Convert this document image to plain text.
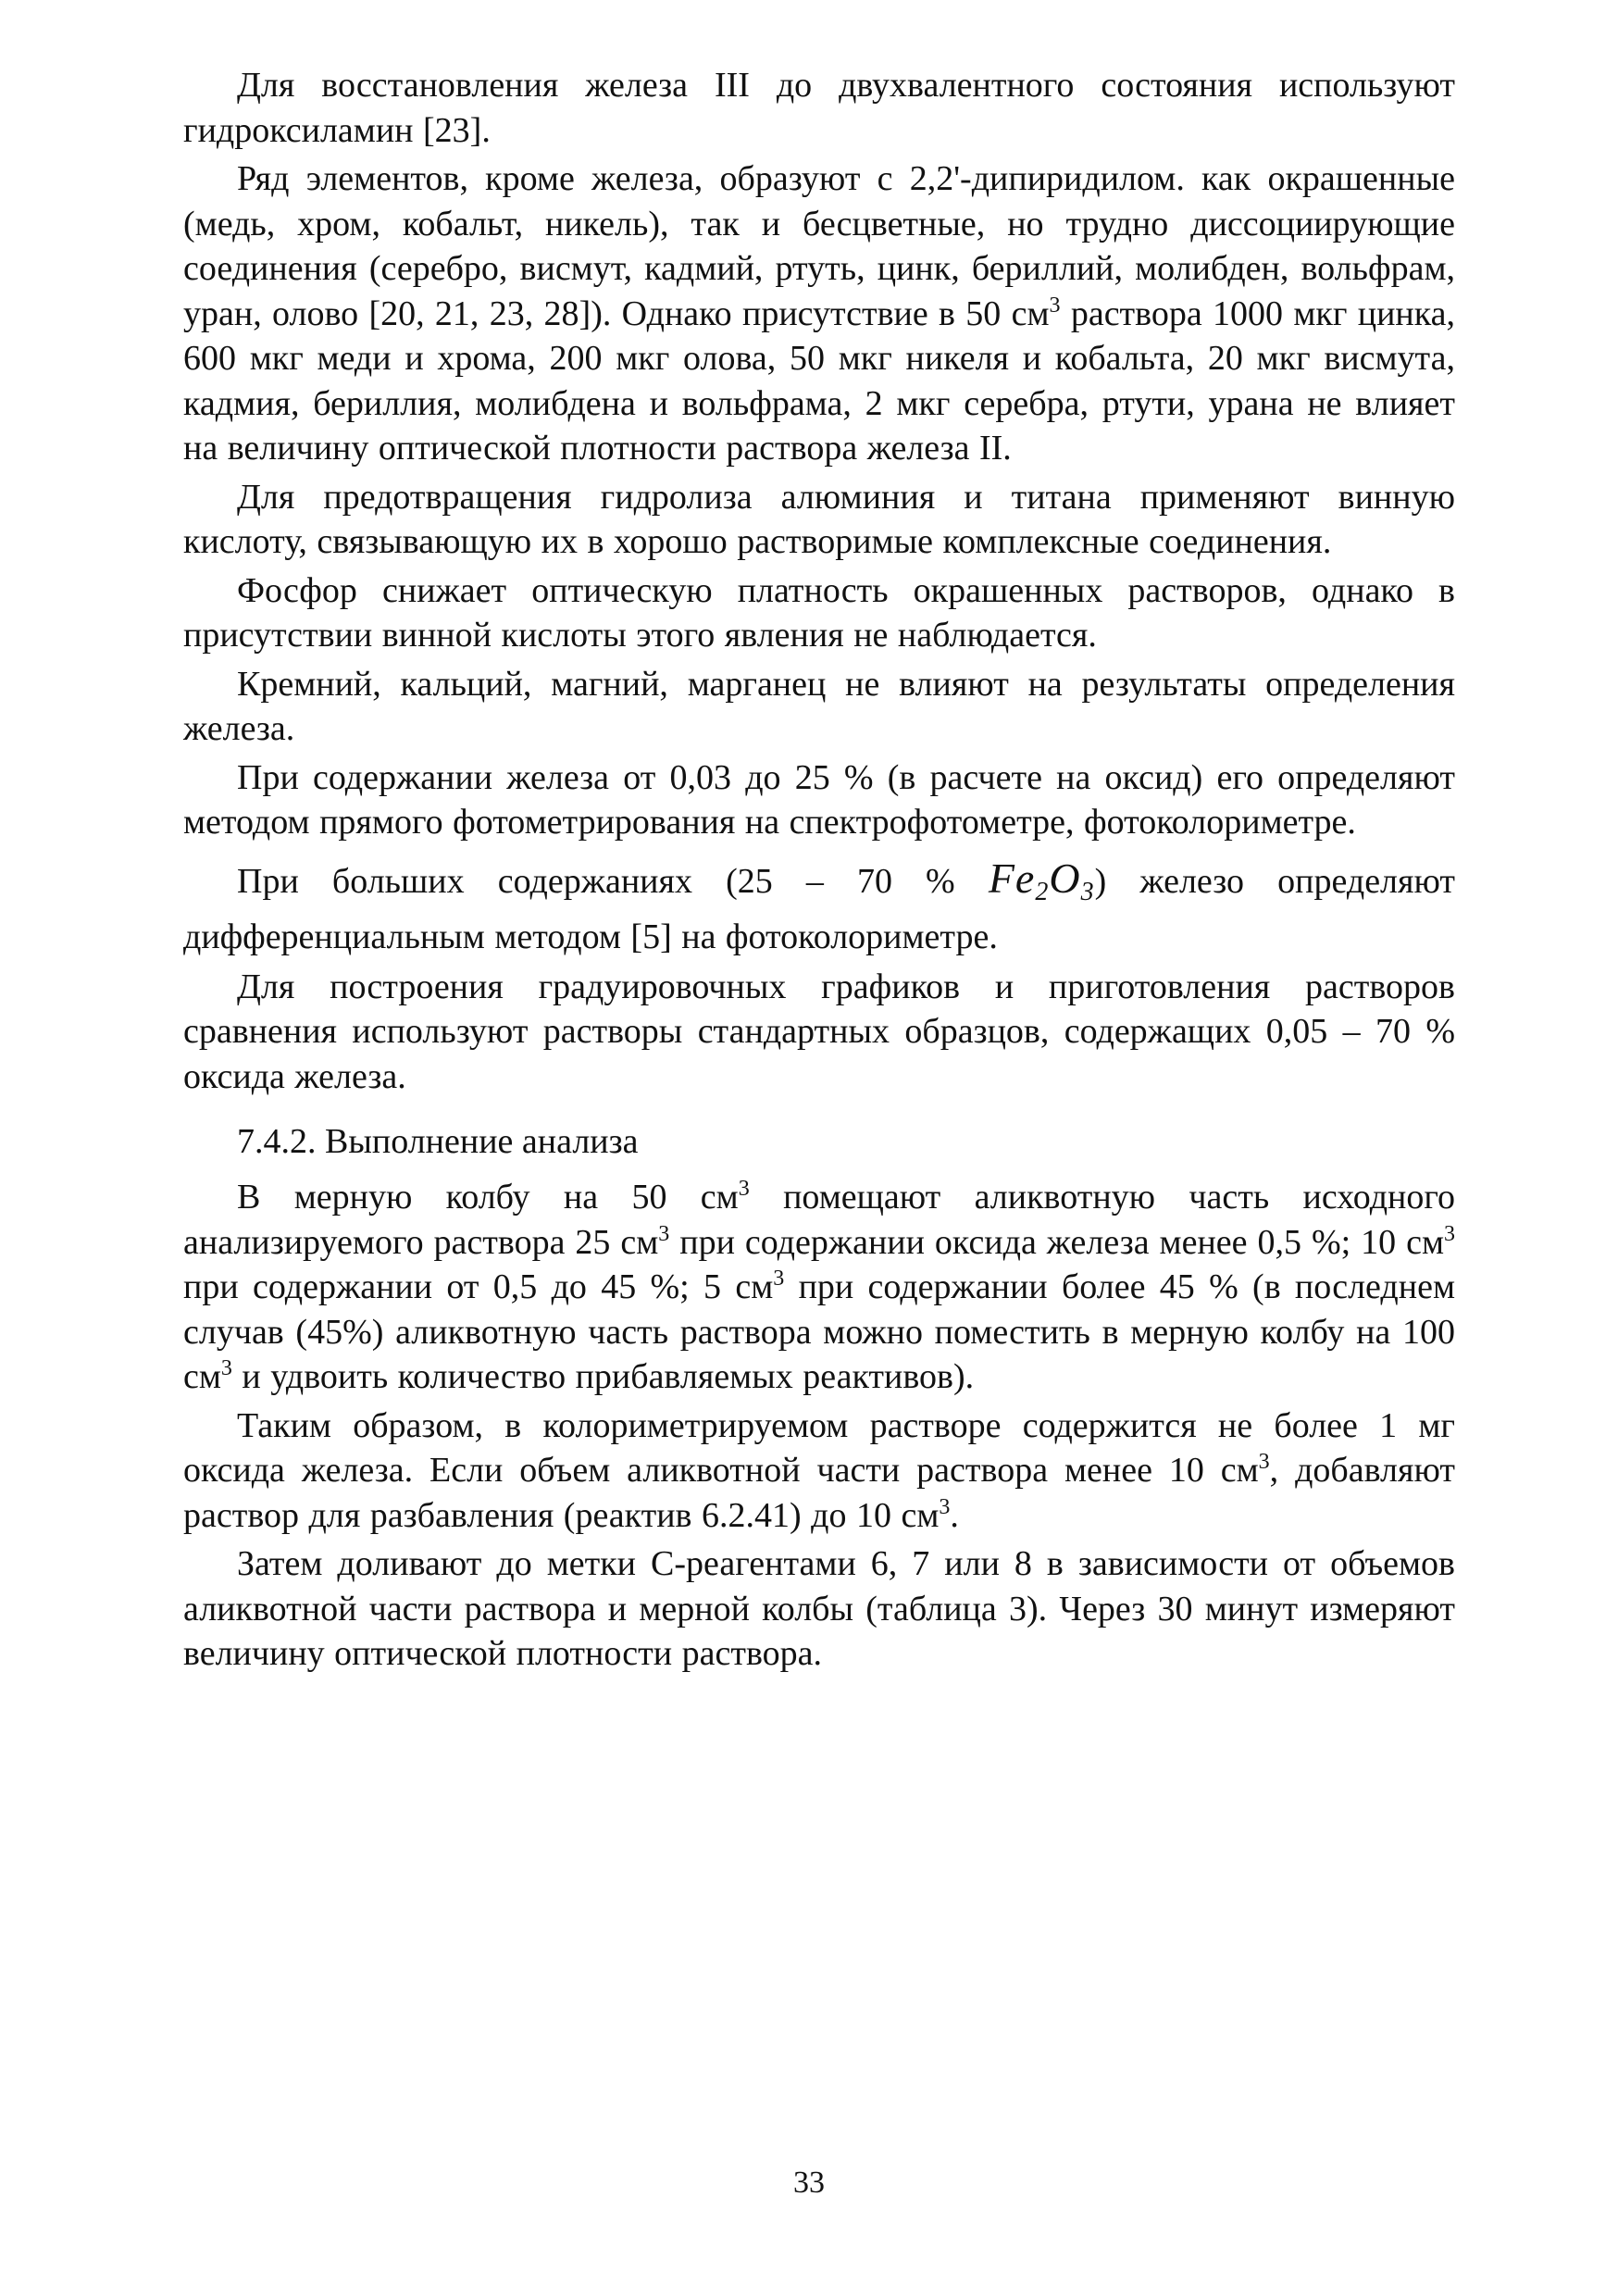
Для восстановления железа III до двухвалентного состояния используют гидроксиламин [23].

Ряд элементов, кроме железа, образуют с 2,2'-дипиридилом. как окрашенные (медь, хром, кобальт, никель), так и бесцветные, но трудно диссоциирующие соединения (серебро, висмут, кадмий, ртуть, цинк, бериллий, молибден, вольфрам, уран, олово [20, 21, 23, 28]). Однако присутствие в 50 $см^3$ раствора 1000 мкг цинка, 600 мкг меди и хрома, 200 мкг олова, 50 мкг никеля и кобальта, 20 мкг висмута, кадмия, бериллия, молибдена и вольфрама, 2 мкг серебра, ртути, урана не влияет на величину оптической плотности раствора железа II.

Для предотвращения гидролиза алюминия и титана применяют винную кислоту, связывающую их в хорошо растворимые комплексные соединения.

Фосфор снижает оптическую платность окрашенных растворов, однако в присутствии винной кислоты этого явления не наблюдается.

Кремний, кальций, магний, марганец не влияют на результаты определения железа.

При содержании железа от 0,03 до 25 % (в расчете на оксид) его определяют методом прямого фотометрирования на спектрофотометре, фотоколориметре.

При больших содержаниях (25 – 70 % $Fe_2O_3$) железо определяют дифференциальным методом [5] на фотоколориметре.

Для построения градуировочных графиков и приготовления растворов сравнения используют растворы стандартных образцов, содержащих 0,05 – 70 % оксида железа.

7.4.2. Выполнение анализа

В мерную колбу на 50 $см^3$ помещают аликвотную часть исходного анализируемого раствора 25 $см^3$ при содержании оксида железа менее 0,5 %; 10 $см^3$ при содержании от 0,5 до 45 %; 5 $см^3$ при содержании более 45 % (в последнем случав (45%) аликвотную часть раствора можно поместить в мерную колбу на 100 $см^3$ и удвоить количество прибавляемых реактивов).

Таким образом, в колориметрируемом растворе содержится не более 1 мг оксида железа. Если объем аликвотной части раствора менее 10 $см^3$, добавляют раствор для разбавления (реактив 6.2.41) до 10 $см^3$.

Затем доливают до метки С-реагентами 6, 7 или 8 в зависимости от объемов аликвотной части раствора и мерной колбы (таблица 3). Через 30 минут измеряют величину оптической плотности раствора.

33
